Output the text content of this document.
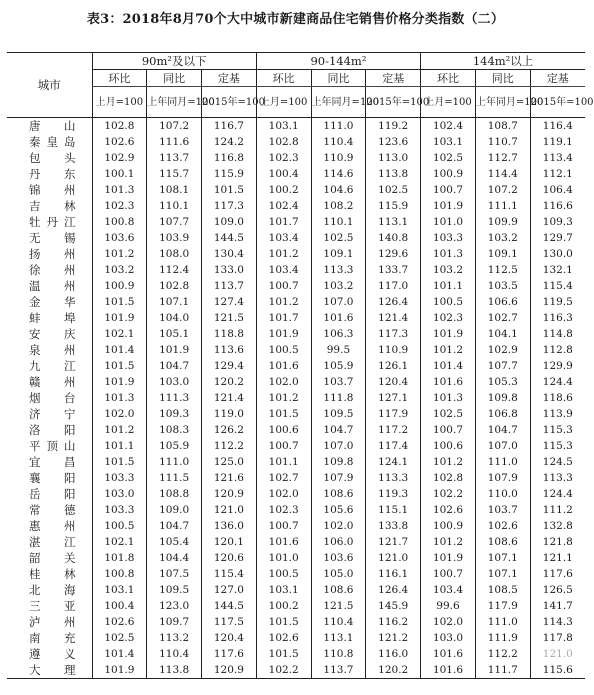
表3：2018年8月70个大中城市新建商品住宅销售价格分类指数（二）
城市	90m²及以下			90-144m²			144m²以上		
	环比	同比	定基	环比	同比	定基	环比	同比	定基
	上月=100	上年同月=100	2015年=100	上月=100	上年同月=100	2015年=100	上月=100	上年同月=100	2015年=100
唐山	102.8	107.2	116.7	103.1	111.0	119.2	102.4	108.7	116.4
秦皇岛	102.6	111.6	124.2	102.8	110.4	123.6	103.1	110.7	119.1
包头	102.9	113.7	116.8	102.3	110.9	113.0	102.5	112.7	113.4
丹东	100.1	115.7	115.9	100.4	114.6	113.8	100.9	114.4	112.1
锦州	101.3	108.1	101.5	100.2	104.6	102.5	100.7	107.2	106.4
吉林	102.3	110.1	117.3	102.4	108.2	115.9	101.9	111.1	116.6
牡丹江	100.8	107.7	109.0	101.7	110.1	113.1	101.0	109.9	109.3
无锡	103.6	103.9	144.5	103.4	102.5	140.8	103.3	103.2	129.7
扬州	101.2	108.0	130.4	101.2	109.1	129.6	101.3	109.1	130.0
徐州	103.2	112.4	133.0	103.4	113.3	133.7	103.2	112.5	132.1
温州	100.9	102.8	113.7	100.7	103.2	117.0	101.1	103.5	115.4
金华	101.5	107.1	127.4	101.2	107.0	126.4	100.5	106.6	119.5
蚌埠	101.9	104.0	121.5	101.7	101.6	121.4	102.3	102.7	116.3
安庆	102.1	105.1	118.8	101.9	106.3	117.3	101.9	104.1	114.8
泉州	101.4	101.9	113.6	100.5	99.5	110.9	101.2	102.9	112.8
九江	101.5	104.7	129.4	101.6	105.9	126.1	101.4	107.7	129.9
赣州	101.9	103.0	120.2	102.0	103.7	120.4	101.6	105.3	124.4
烟台	101.3	111.3	121.4	101.2	111.8	127.1	101.3	109.8	118.6
济宁	102.0	109.3	119.0	101.5	109.5	117.9	102.5	106.8	113.9
洛阳	101.2	108.3	126.2	100.6	104.7	117.2	100.7	104.7	115.3
平顶山	101.1	105.9	112.2	100.7	107.0	117.4	100.6	107.0	115.3
宜昌	101.5	111.0	125.0	101.1	109.8	124.1	101.2	111.0	124.5
襄阳	103.3	111.5	121.6	102.7	107.9	113.3	102.8	107.9	113.3
岳阳	103.0	108.8	120.9	102.0	108.6	119.3	102.2	110.0	124.4
常德	103.3	109.0	121.0	102.3	105.6	115.1	102.6	103.7	111.2
惠州	100.5	104.7	136.0	100.7	102.0	133.8	100.9	102.6	132.8
湛江	102.1	105.4	120.1	101.6	106.0	121.7	101.2	108.6	121.8
韶关	101.8	104.4	120.6	101.0	103.6	121.0	101.9	107.1	121.1
桂林	100.8	107.5	115.4	100.5	105.0	116.1	100.7	107.1	117.6
北海	103.1	109.5	127.0	103.1	108.6	126.4	103.4	108.5	126.5
三亚	100.4	123.0	144.5	100.2	121.5	145.9	99.6	117.9	141.7
泸州	102.6	109.7	117.5	101.5	110.4	116.2	102.0	111.0	114.3
南充	102.5	113.2	120.4	102.6	113.1	121.2	103.0	111.9	117.8
遵义	101.4	110.4	117.6	101.5	110.8	116.0	101.6	112.2	121.0
大理	101.9	113.8	120.9	102.2	113.7	120.2	101.6	111.7	115.6
